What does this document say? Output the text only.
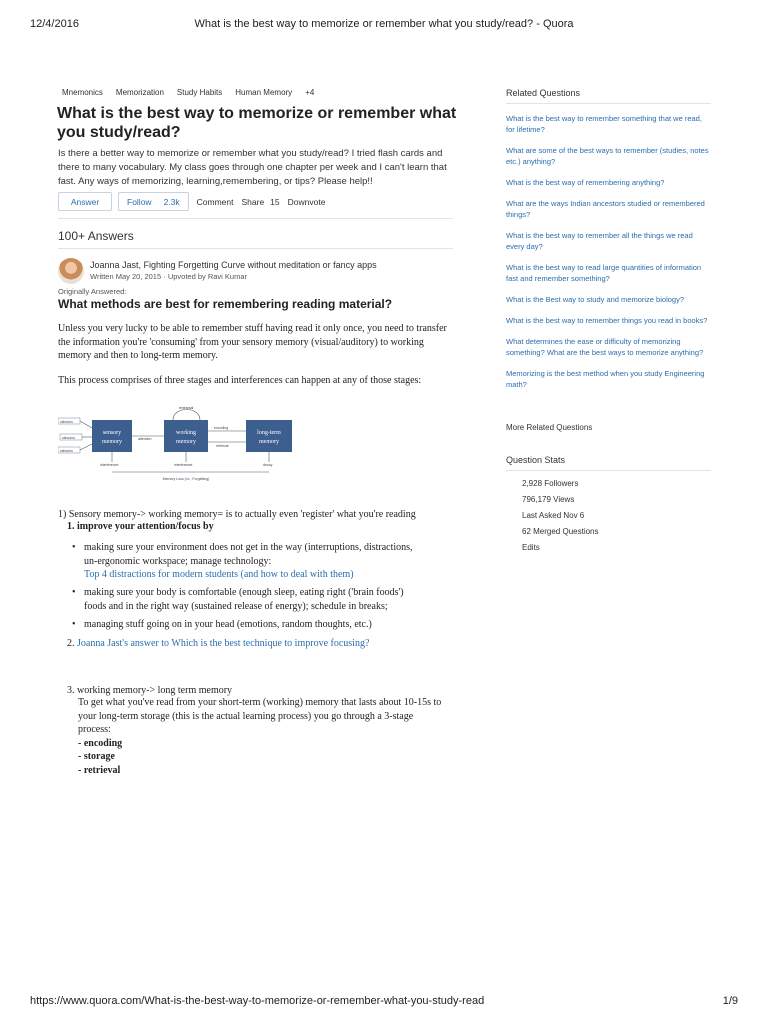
12/4/2016	What is the best way to memorize or remember what you study/read? - Quora
Mnemonics Memorization Study Habits Human Memory +4
What is the best way to memorize or remember what you study/read?
Is there a better way to memorize or remember what you study/read? I tried flash cards and there to many vocabulary. My class goes through one chapter per week and I can't learn that fast. Any ways of memorizing, learning,remembering, or tips? Please help!!
Answer	Follow 2.3k Comment Share 15 Downvote
100+ Answers
Joanna Jast, Fighting Forgetting Curve without meditation or fancy apps
Written May 20, 2015 · Upvoted by Ravi Kumar
Originally Answered:
What methods are best for remembering reading material?
Unless you very lucky to be able to remember stuff having read it only once, you need to transfer the information you're 'consuming' from your sensory memory (visual/auditory) to working memory and then to long-term memory.
This process comprises of three stages and interferences can happen at any of those stages:
stimulus
stimulus
stimulus
sensory
memory	attention
working
memory
rehearsal
encoding
retrieval
long-term
memory
interference	interference	decay
Memory Loss (i.e., Forgetting)
1) Sensory memory-> working memory= is to actually even 'register' what you're reading
1. improve your attention/focus by
• making sure your environment does not get in the way (interruptions, distractions, un-ergonomic workspace; manage technology:
Top 4 distractions for modern students (and how to deal with them)
• making sure your body is comfortable (enough sleep, eating right ('brain foods') foods and in the right way (sustained release of energy); schedule in breaks;
• managing stuff going on in your head (emotions, random thoughts, etc.)
2. Joanna Jast's answer to Which is the best technique to improve focusing?
3. working memory-> long term memory
To get what you've read from your short-term (working) memory that lasts about 10-15s to your long-term storage (this is the actual learning process) you go through a 3-stage process:
- encoding
- storage
- retrieval
Related Questions
What is the best way to remember something that we read, for lifetime?
What are some of the best ways to remember (studies, notes etc.) anything?
What is the best way of remembering anything?
What are the ways Indian ancestors studied or remembered things?
What is the best way to remember all the things we read every day?
What is the best way to read large quantities of information fast and remember something?
What is the Best way to study and memorize biology?
What is the best way to remember things you read in books?
What determines the ease or difficulty of memorizing something? What are the best ways to memorize anything?
Memorizing is the best method when you study Engineering math?
More Related Questions
Question Stats
2,928 Followers
796,179 Views
Last Asked Nov 6
62 Merged Questions
Edits
https://www.quora.com/What-is-the-best-way-to-memorize-or-remember-what-you-study-read	1/9
